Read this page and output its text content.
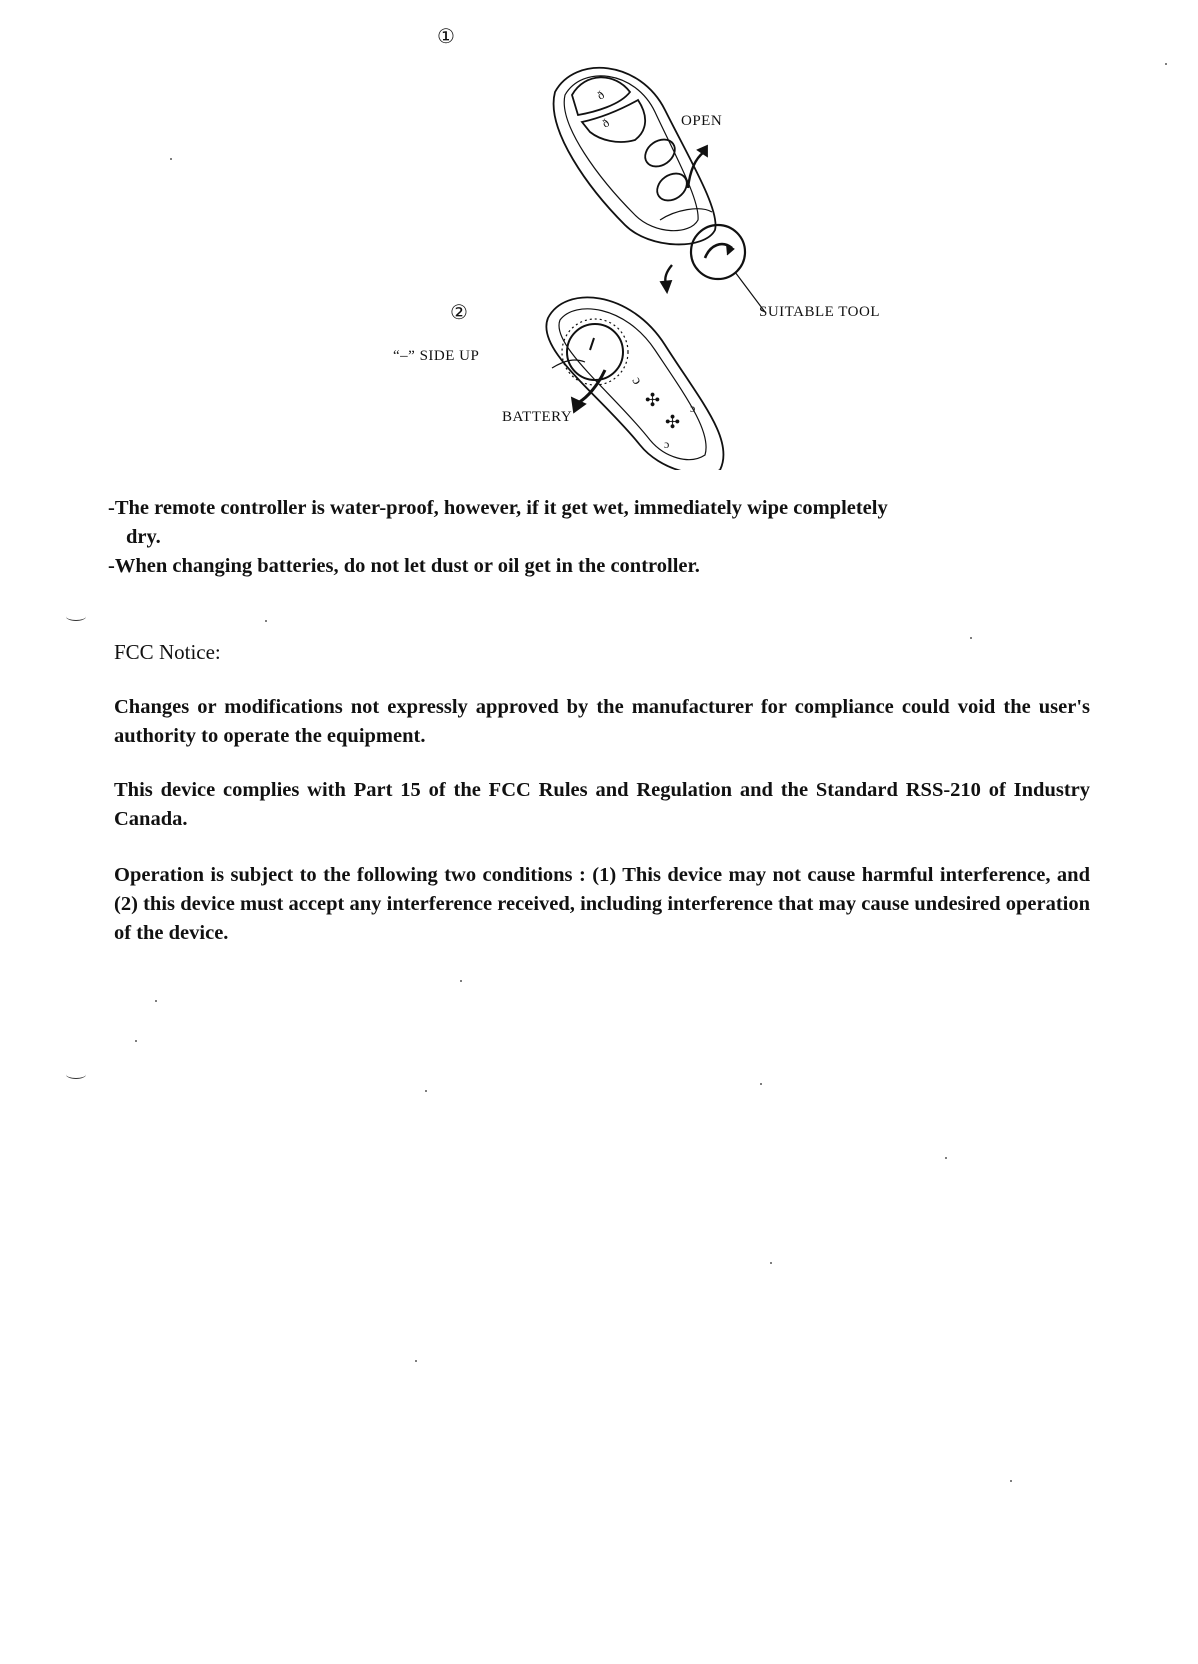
ð
ð
✣
✣
ɔ
ɔ
ɔ
①
②
OPEN
SUITABLE TOOL
“–” SIDE UP
BATTERY
-The remote controller is water-proof, however, if it get wet, immediately wipe completely
dry.
-When changing batteries, do not let dust or oil get in the controller.
FCC Notice:
Changes or modifications not expressly approved by the manufacturer for compliance could void the user's authority to operate the equipment.
This device complies with Part 15 of the FCC Rules and Regulation and the Standard RSS-210 of Industry Canada.
Operation is subject to the following two conditions : (1) This device may not cause harmful interference, and (2) this device must accept any interference received, including interference that may cause undesired operation of the device.
